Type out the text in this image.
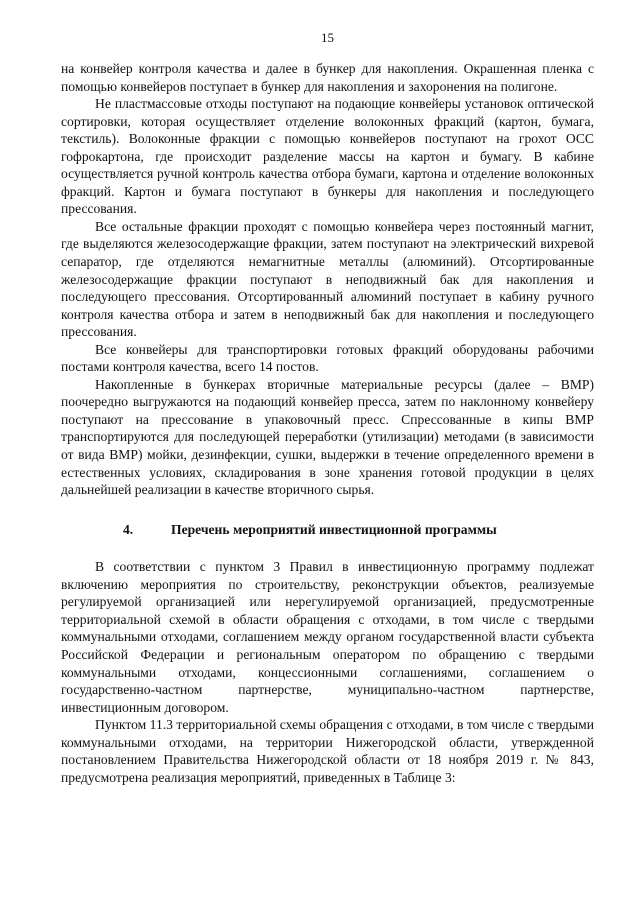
15

на конвейер контроля качества и далее в бункер для накопления. Окрашенная пленка с помощью конвейеров поступает в бункер для накопления и захоронения на полигоне.

Не пластмассовые отходы поступают на подающие конвейеры установок оптической сортировки, которая осуществляет отделение волоконных фракций (картон, бумага, текстиль). Волоконные фракции с помощью конвейеров поступают на грохот ОСС гофрокартона, где происходит разделение массы на картон и бумагу. В кабине осуществляется ручной контроль качества отбора бумаги, картона и отделение волоконных фракций. Картон и бумага поступают в бункеры для накопления и последующего прессования.

Все остальные фракции проходят с помощью конвейера через постоянный магнит, где выделяются железосодержащие фракции, затем поступают на электрический вихревой сепаратор, где отделяются немагнитные металлы (алюминий). Отсортированные железосодержащие фракции поступают в неподвижный бак для накопления и последующего прессования. Отсортированный алюминий поступает в кабину ручного контроля качества отбора и затем в неподвижный бак для накопления и последующего прессования.

Все конвейеры для транспортировки готовых фракций оборудованы рабочими постами контроля качества, всего 14 постов.

Накопленные в бункерах вторичные материальные ресурсы (далее – ВМР) поочередно выгружаются на подающий конвейер пресса, затем по наклонному конвейеру поступают на прессование в упаковочный пресс. Спрессованные в кипы ВМР транспортируются для последующей переработки (утилизации) методами (в зависимости от вида ВМР) мойки, дезинфекции, сушки, выдержки в течение определенного времени в естественных условиях, складирования в зоне хранения готовой продукции в целях дальнейшей реализации в качестве вторичного сырья.

4.	Перечень мероприятий инвестиционной программы

В соответствии с пунктом 3 Правил в инвестиционную программу подлежат включению мероприятия по строительству, реконструкции объектов, реализуемые регулируемой организацией или нерегулируемой организацией, предусмотренные территориальной схемой в области обращения с отходами, в том числе с твердыми коммунальными отходами, соглашением между органом государственной власти субъекта Российской Федерации и региональным оператором по обращению с твердыми коммунальными отходами, концессионными соглашениями, соглашением о государственно-частном партнерстве, муниципально-частном партнерстве, инвестиционным договором.

Пунктом 11.3 территориальной схемы обращения с отходами, в том числе с твердыми коммунальными отходами, на территории Нижегородской области, утвержденной постановлением Правительства Нижегородской области от 18 ноября 2019 г. № 843, предусмотрена реализация мероприятий, приведенных в Таблице 3:
